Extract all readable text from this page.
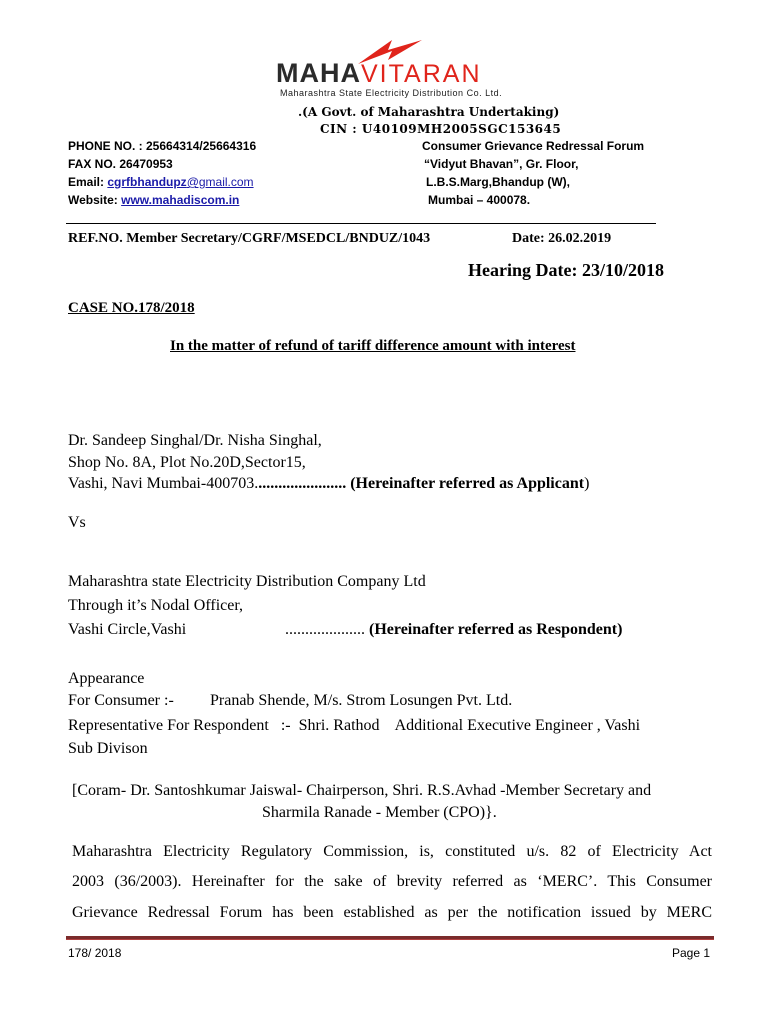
MAHAVITARAN
Maharashtra State Electricity Distribution Co. Ltd.
.(A Govt. of Maharashtra Undertaking)
CIN : U40109MH2005SGC153645
PHONE NO. : 25664314/25664316
FAX NO. 26470953
Email: cgrfbhandupz@gmail.com
Website: www.mahadiscom.in
Consumer Grievance Redressal Forum
“Vidyut Bhavan”, Gr. Floor,
L.B.S.Marg,Bhandup (W),
Mumbai – 400078.
REF.NO. Member Secretary/CGRF/MSEDCL/BNDUZ/1043	Date: 26.02.2019
Hearing Date: 23/10/2018
CASE NO.178/2018
In the matter of refund of tariff difference amount with interest
Dr. Sandeep Singhal/Dr. Nisha Singhal,
Shop No. 8A, Plot No.20D,Sector15,
Vashi, Navi Mumbai-400703....................... (Hereinafter referred as Applicant)
Vs
Maharashtra state Electricity Distribution Company Ltd
Through it’s Nodal Officer,
Vashi Circle,Vashi	.................... (Hereinafter referred as Respondent)
Appearance
For Consumer :- Pranab Shende, M/s. Strom Losungen Pvt. Ltd.
Representative For Respondent   :-  Shri. Rathod    Additional Executive Engineer , Vashi
Sub Divison
[Coram- Dr. Santoshkumar Jaiswal- Chairperson, Shri. R.S.Avhad -Member Secretary and
Sharmila Ranade - Member (CPO)}.
Maharashtra Electricity Regulatory Commission, is, constituted u/s. 82 of Electricity Act
2003 (36/2003). Hereinafter for the sake of brevity referred as ‘MERC’. This Consumer
Grievance Redressal Forum has been established as per the notification issued by MERC
178/ 2018	Page 1
